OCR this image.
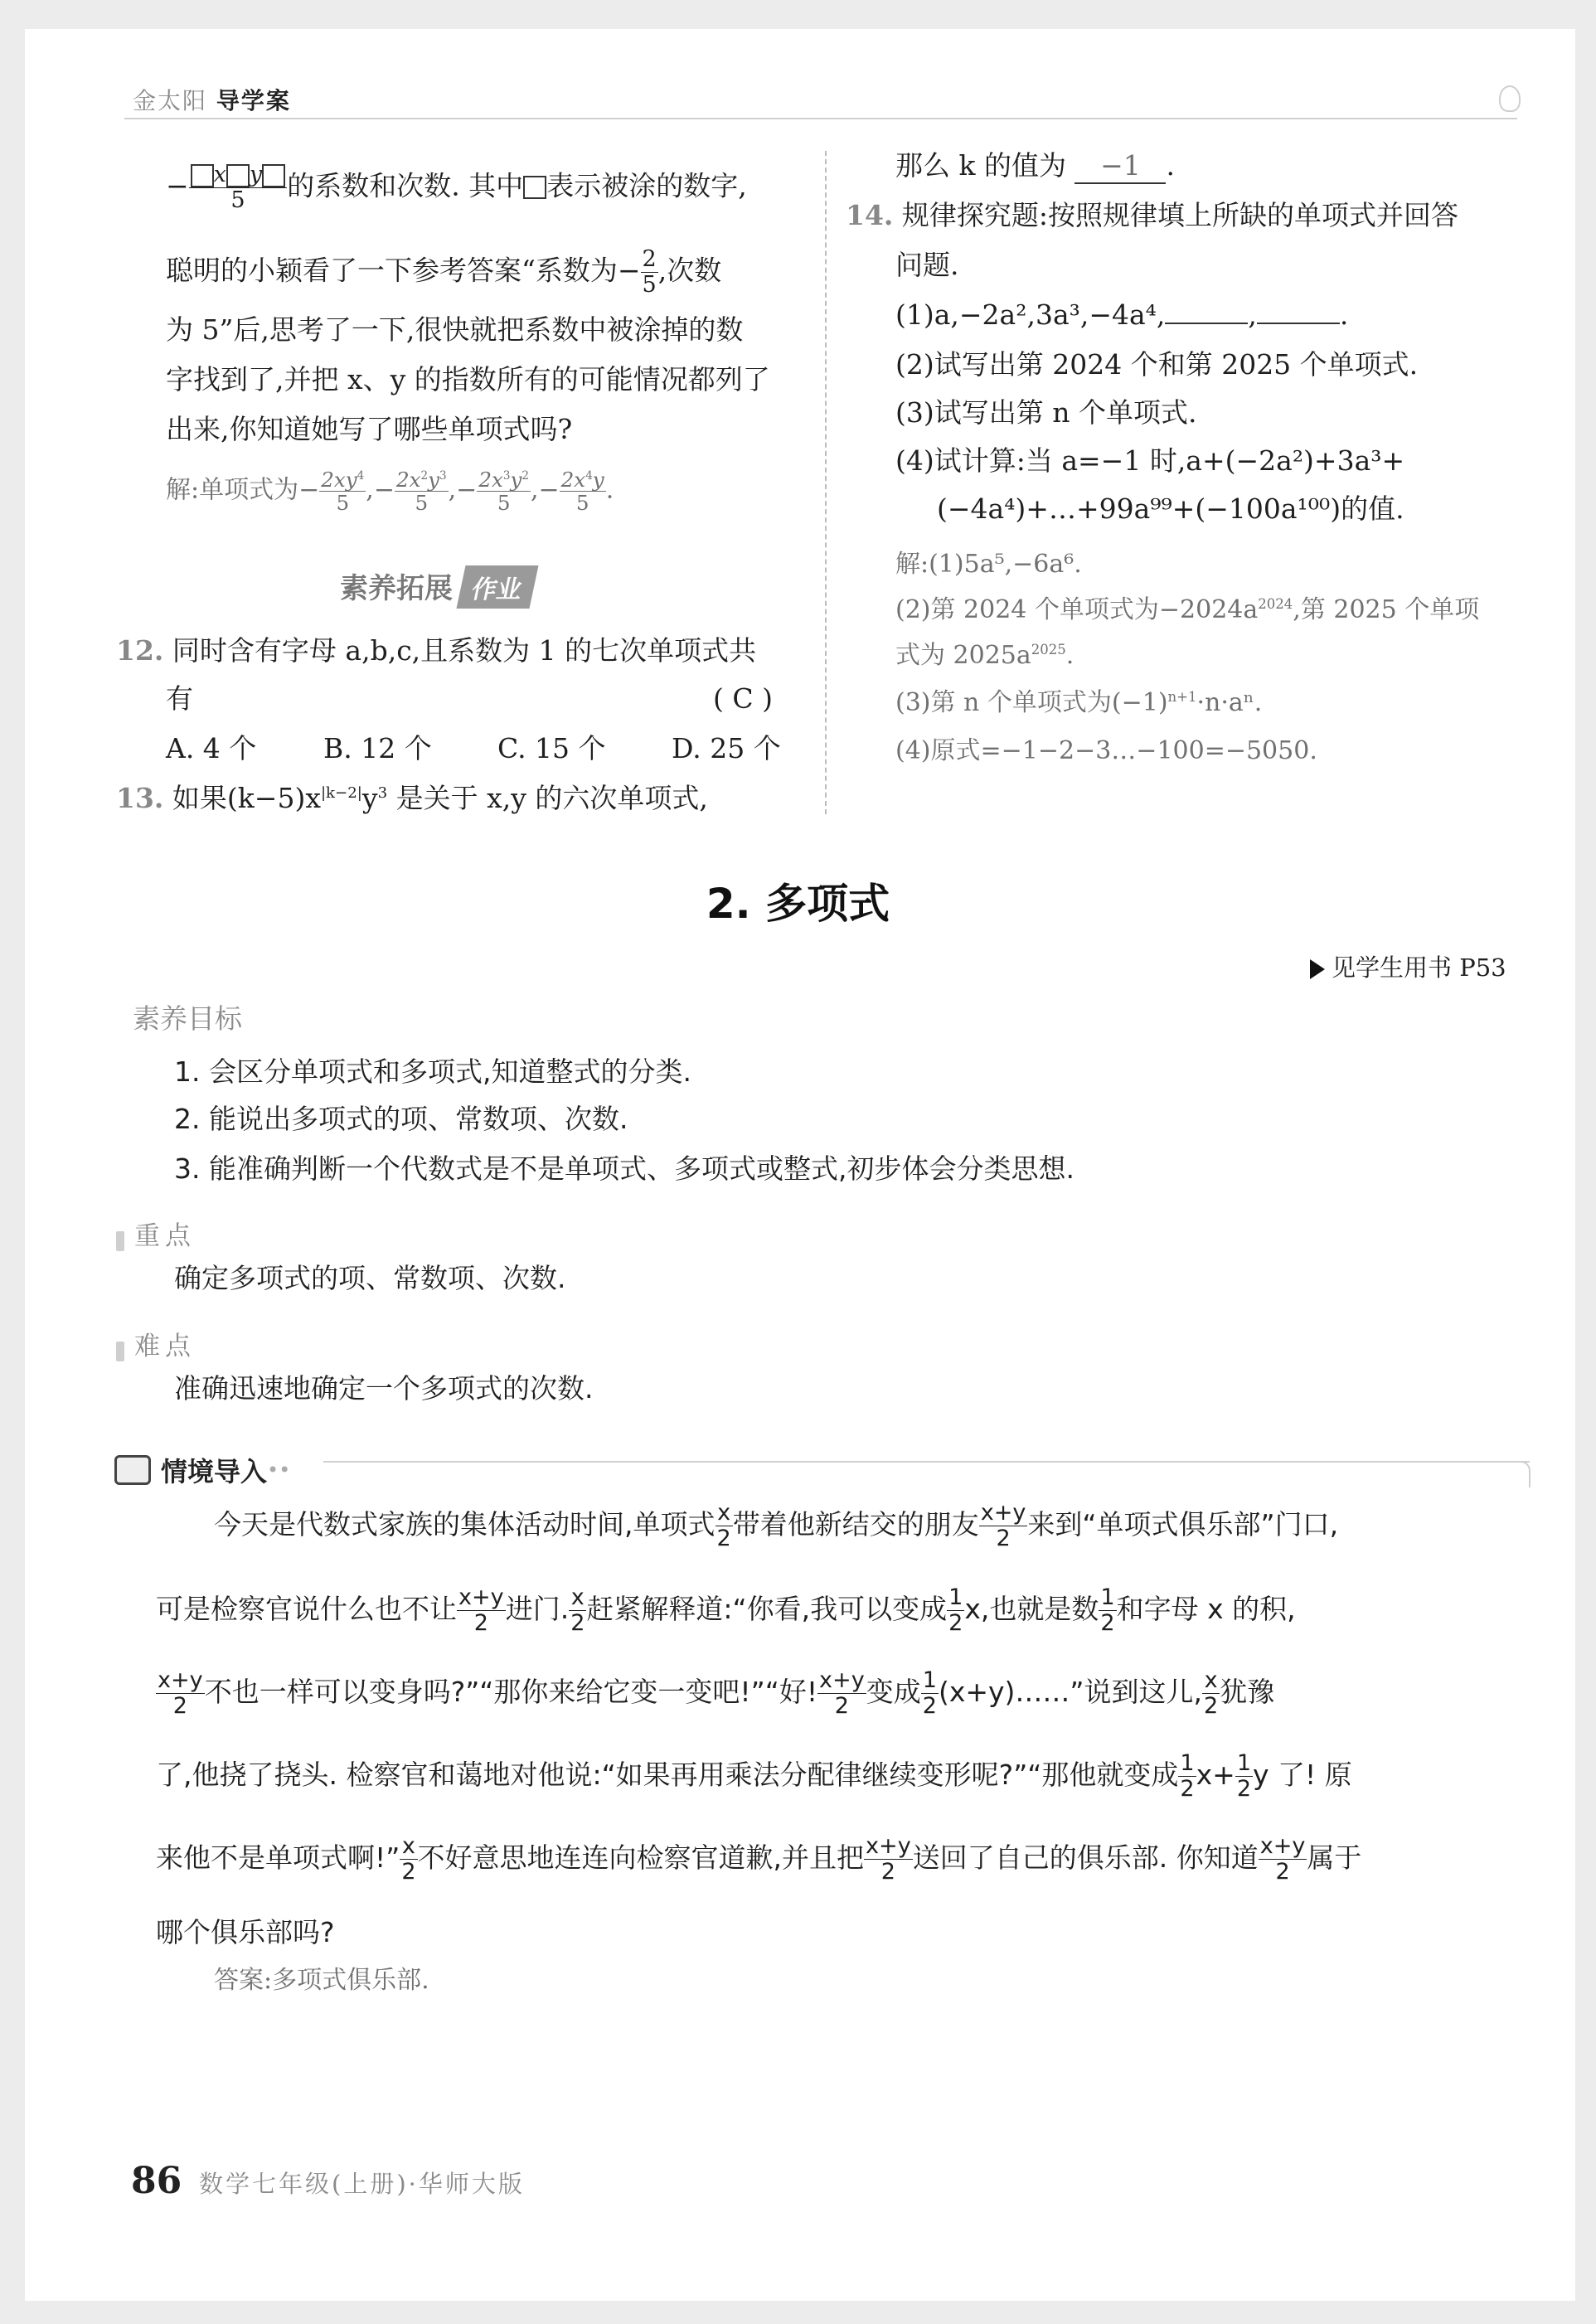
金太阳 导学案
− $\frac{\text{x y}}{5}$ 的系数和次数. 其中 表示被涂的数字,
聪明的小颖看了一下参考答案“系数为− $\frac{2}{5}$ ,次数
为 5”后,思考了一下,很快就把系数中被涂掉的数
字找到了,并把 x、y 的指数所有的可能情况都列了
出来,你知道她写了哪些单项式吗?
解:单项式为− $\frac{2xy^4}{5}$ ,− $\frac{2x^2y^3}{5}$ ,− $\frac{2x^3y^2}{5}$ ,− $\frac{2x^4y}{5}$ .
素养拓展 作业
12. 同时含有字母 a,b,c,且系数为 1 的七次单项式共
有	( C )
A. 4 个 B. 12 个 C. 15 个 D. 25 个
13. 如果$(k-5)x^{|k-2|}y^3$ 是关于 x,y 的六次单项式,
那么 k 的值为 −1 .
14. 规律探究题:按照规律填上所缺的单项式并回答
问题.
(1)a,−2a²,3a³,−4a⁴,	,	.
(2)试写出第 2024 个和第 2025 个单项式.
(3)试写出第 n 个单项式.
(4)试计算:当 a=−1 时,a+(−2a²)+3a³+
(−4a⁴)+…+99a⁹⁹+(−100a¹⁰⁰)的值.
解:(1)5a⁵,−6a⁶.
(2)第 2024 个单项式为$-2024a^{2024}$,第 2025 个单项
式为 $2025a^{2025}$.
(3)第 n 个单项式为$(-1)^{n+1}\cdot n\cdot a^n$.
(4)原式=−1−2−3…−100=−5050.
2. 多项式
见学生用书 P53
素养目标
1. 会区分单项式和多项式,知道整式的分类.
2. 能说出多项式的项、常数项、次数.
3. 能准确判断一个代数式是不是单项式、多项式或整式,初步体会分类思想.
重点
确定多项式的项、常数项、次数.
难点
准确迅速地确定一个多项式的次数.
情境导入••
今天是代数式家族的集体活动时间,单项式 $\frac{x}{2}$ 带着他新结交的朋友 $\frac{x+y}{2}$ 来到“单项式俱乐部”门口,
可是检察官说什么也不让 $\frac{x+y}{2}$ 进门. $\frac{x}{2}$ 赶紧解释道:“你看,我可以变成 $\frac{1}{2} x$,也就是数 $\frac{1}{2}$ 和字母 x 的积,
$\frac{x+y}{2}$ 不也一样可以变身吗?”“那你来给它变一变吧!”“好! $\frac{x+y}{2}$ 变成 $\frac{1}{2}$ (x+y)……”说到这儿, $\frac{x}{2}$ 犹豫
了,他挠了挠头. 检察官和蔼地对他说:“如果再用乘法分配律继续变形呢?”“那他就变成 $\frac{1}{2} x+ \frac{1}{2}$ y 了! 原
来他不是单项式啊!” $\frac{x}{2}$ 不好意思地连连向检察官道歉,并且把 $\frac{x+y}{2}$ 送回了自己的俱乐部. 你知道 $\frac{x+y}{2}$ 属于
哪个俱乐部吗?
答案:多项式俱乐部.
86 数学七年级(上册)·华师大版
